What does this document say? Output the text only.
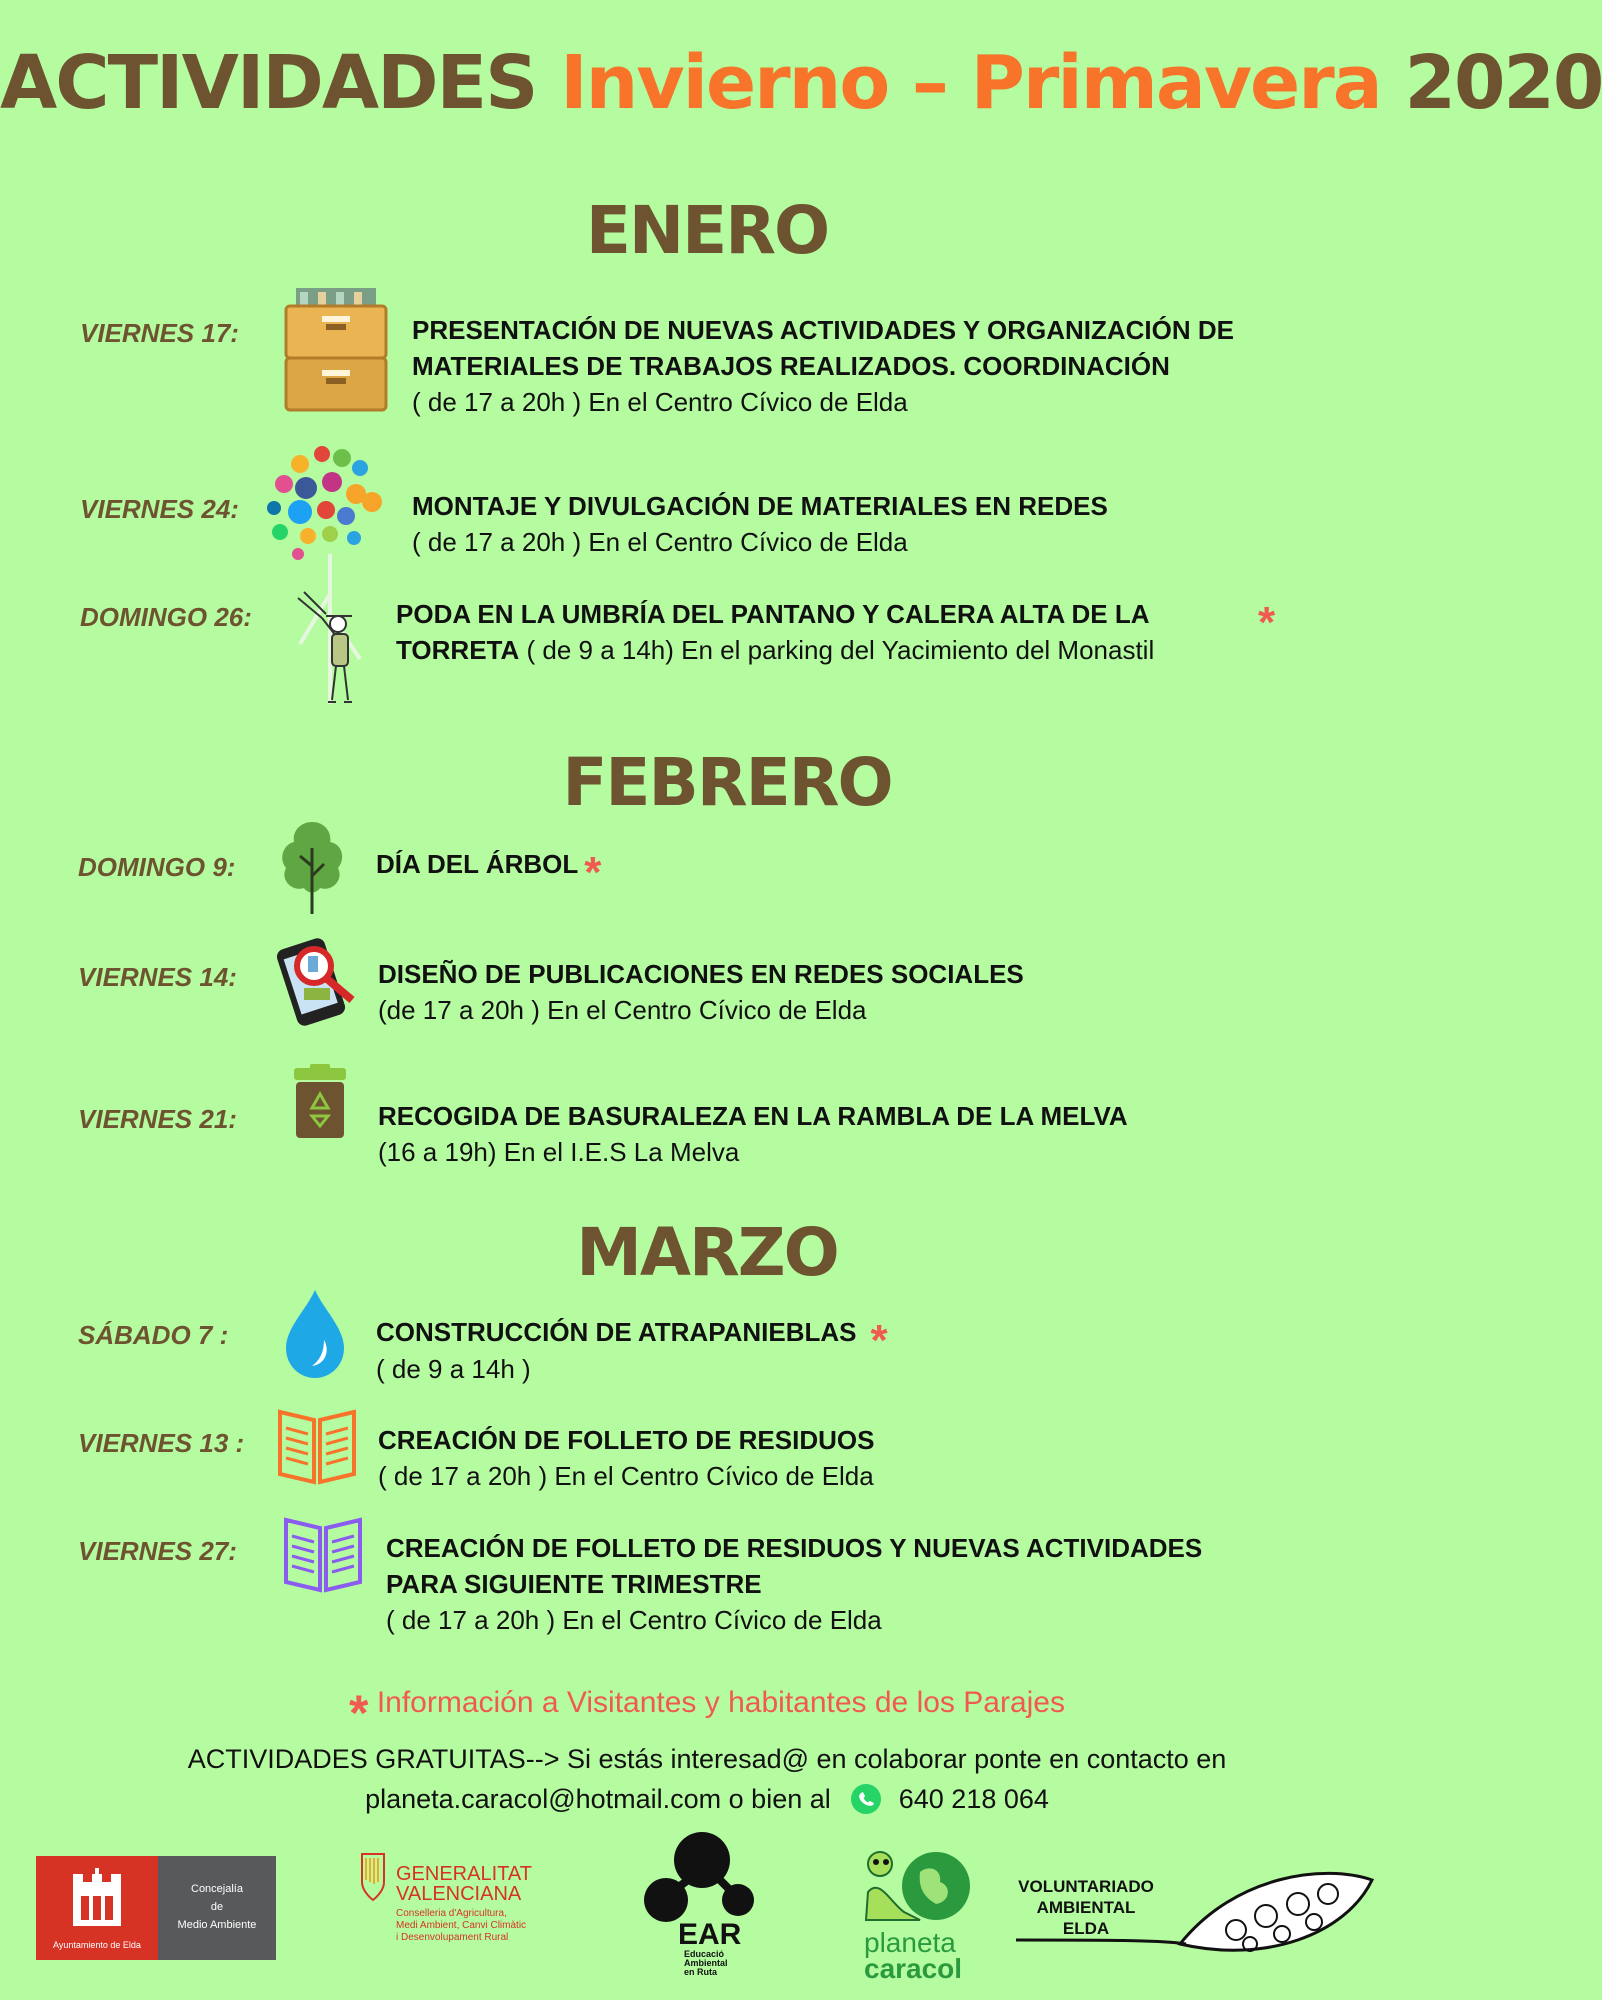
ACTIVIDADES Invierno – Primavera 2020
ENERO
VIERNES 17:	PRESENTACIÓN DE NUEVAS ACTIVIDADES Y ORGANIZACIÓN DE
MATERIALES DE TRABAJOS REALIZADOS. COORDINACIÓN
( de 17 a 20h ) En el Centro Cívico de Elda
VIERNES 24:	MONTAJE Y DIVULGACIÓN DE MATERIALES EN REDES
( de 17 a 20h ) En el Centro Cívico de Elda
DOMINGO 26:	PODA EN LA UMBRÍA DEL PANTANO Y CALERA ALTA DE LA
TORRETA ( de 9 a 14h) En el parking del Yacimiento del Monastil
*
FEBRERO
DOMINGO 9:	DÍA DEL ÁRBOL *
VIERNES 14:	DISEÑO DE PUBLICACIONES EN REDES SOCIALES
(de 17 a 20h ) En el Centro Cívico de Elda
VIERNES 21:	RECOGIDA DE BASURALEZA EN LA RAMBLA DE LA MELVA
(16 a 19h) En el I.E.S La Melva
MARZO
SÁBADO 7 :	CONSTRUCCIÓN DE ATRAPANIEBLAS *
( de 9 a 14h )
VIERNES 13 :	CREACIÓN DE FOLLETO DE RESIDUOS
( de 17 a 20h ) En el Centro Cívico de Elda
VIERNES 27:	CREACIÓN DE FOLLETO DE RESIDUOS Y NUEVAS ACTIVIDADES
PARA SIGUIENTE TRIMESTRE
( de 17 a 20h ) En el Centro Cívico de Elda
* Información a Visitantes y habitantes de los Parajes
ACTIVIDADES GRATUITAS--> Si estás interesad@ en colaborar ponte en contacto en
planeta.caracol@hotmail.com o bien al	640 218 064
Ayuntamiento de Elda
Concejalía
de
Medio Ambiente
GENERALITAT
VALENCIANA
Conselleria d'Agricultura,
Medi Ambient, Canvi Climàtic
i Desenvolupament Rural	EAR
Educació
Ambiental
en Ruta
planeta
caracol
VOLUNTARIADO
AMBIENTAL
ELDA
